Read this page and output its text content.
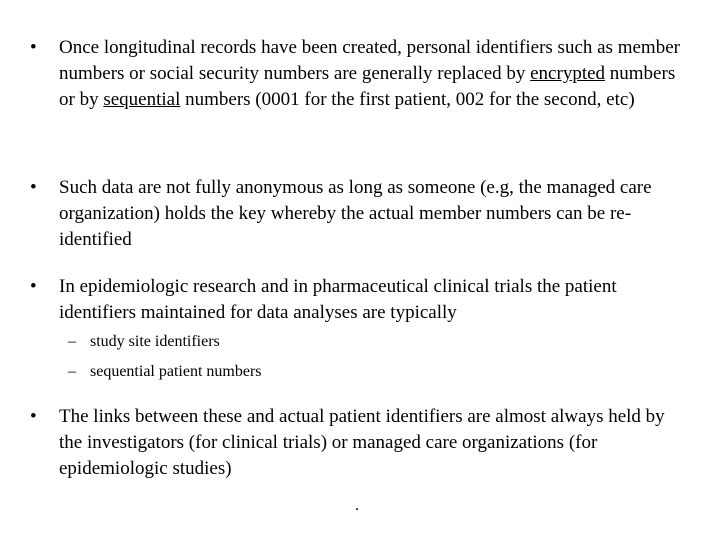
•	Once longitudinal records have been created, personal identifiers such as member numbers or social security numbers are generally replaced by encrypted numbers or by sequential numbers (0001 for the first patient, 002 for the second, etc)
•	Such data are not fully anonymous as long as someone (e.g, the managed care organization) holds the key whereby the actual member numbers can be re-identified
•	In epidemiologic research and in pharmaceutical clinical trials the patient identifiers maintained for data analyses are typically
– study site identifiers
– sequential patient numbers
•	The links between these and actual patient identifiers are almost always held by the investigators (for clinical trials) or managed care organizations (for epidemiologic studies)
.
